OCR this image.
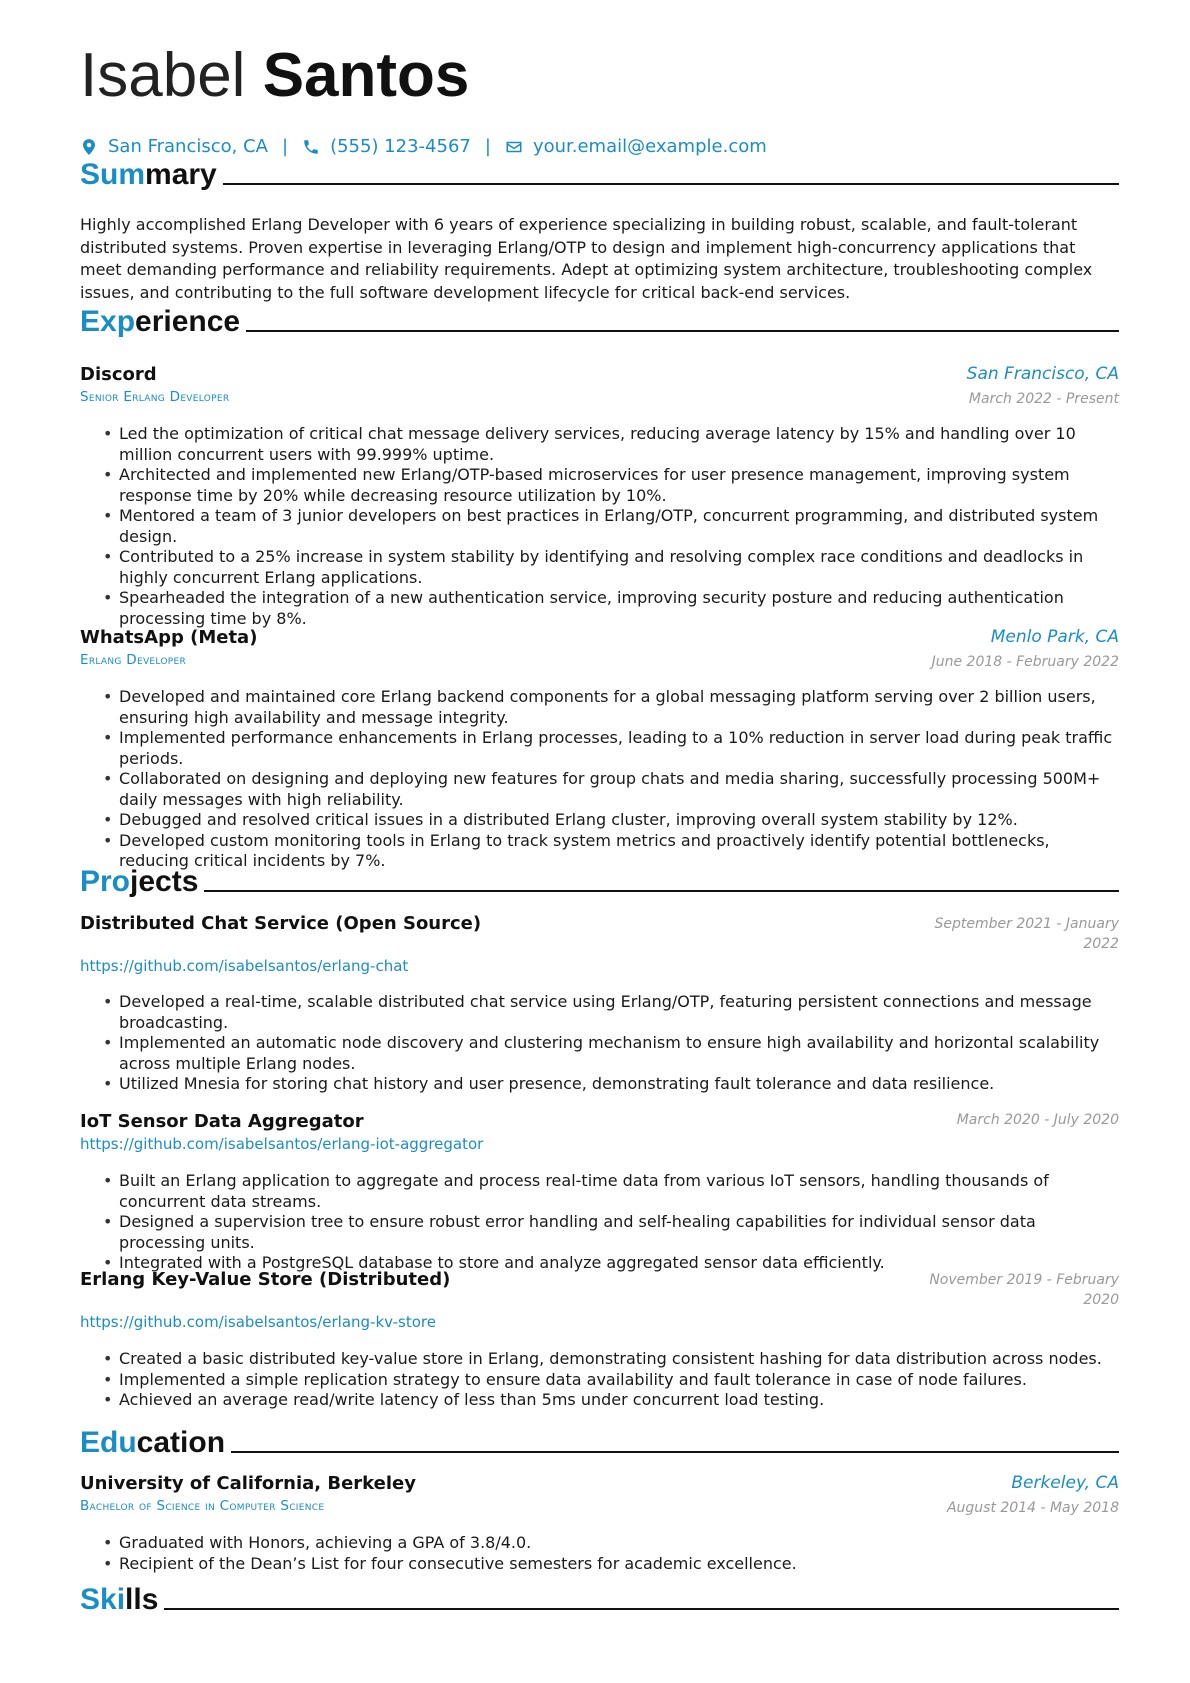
Isabel Santos
San Francisco, CA | (555) 123-4567 | your.email@example.com
Summary

Highly accomplished Erlang Developer with 6 years of experience specializing in building robust, scalable, and fault-tolerant distributed systems. Proven expertise in leveraging Erlang/OTP to design and implement high-concurrency applications that meet demanding performance and reliability requirements. Adept at optimizing system architecture, troubleshooting complex issues, and contributing to the full software development lifecycle for critical back-end services.

Experience
Discord	San Francisco, CA
Senior Erlang Developer	March 2022 - Present
• Led the optimization of critical chat message delivery services, reducing average latency by 15% and handling over 10 million concurrent users with 99.999% uptime.
• Architected and implemented new Erlang/OTP-based microservices for user presence management, improving system response time by 20% while decreasing resource utilization by 10%.
• Mentored a team of 3 junior developers on best practices in Erlang/OTP, concurrent programming, and distributed system design.
• Contributed to a 25% increase in system stability by identifying and resolving complex race conditions and deadlocks in highly concurrent Erlang applications.
• Spearheaded the integration of a new authentication service, improving security posture and reducing authentication processing time by 8%.
WhatsApp (Meta)	Menlo Park, CA
Erlang Developer	June 2018 - February 2022
• Developed and maintained core Erlang backend components for a global messaging platform serving over 2 billion users, ensuring high availability and message integrity.
• Implemented performance enhancements in Erlang processes, leading to a 10% reduction in server load during peak traffic periods.
• Collaborated on designing and deploying new features for group chats and media sharing, successfully processing 500M+ daily messages with high reliability.
• Debugged and resolved critical issues in a distributed Erlang cluster, improving overall system stability by 12%.
• Developed custom monitoring tools in Erlang to track system metrics and proactively identify potential bottlenecks, reducing critical incidents by 7%.
Projects
Distributed Chat Service (Open Source)	September 2021 - January
2022
https://github.com/isabelsantos/erlang-chat
• Developed a real-time, scalable distributed chat service using Erlang/OTP, featuring persistent connections and message broadcasting.
• Implemented an automatic node discovery and clustering mechanism to ensure high availability and horizontal scalability across multiple Erlang nodes.
• Utilized Mnesia for storing chat history and user presence, demonstrating fault tolerance and data resilience.
IoT Sensor Data Aggregator	March 2020 - July 2020
https://github.com/isabelsantos/erlang-iot-aggregator
• Built an Erlang application to aggregate and process real-time data from various IoT sensors, handling thousands of concurrent data streams.
• Designed a supervision tree to ensure robust error handling and self-healing capabilities for individual sensor data processing units.
• Integrated with a PostgreSQL database to store and analyze aggregated sensor data efficiently.
Erlang Key-Value Store (Distributed)	November 2019 - February
2020
https://github.com/isabelsantos/erlang-kv-store
• Created a basic distributed key-value store in Erlang, demonstrating consistent hashing for data distribution across nodes.
• Implemented a simple replication strategy to ensure data availability and fault tolerance in case of node failures.
• Achieved an average read/write latency of less than 5ms under concurrent load testing.
Education
University of California, Berkeley	Berkeley, CA
Bachelor of Science in Computer Science	August 2014 - May 2018
• Graduated with Honors, achieving a GPA of 3.8/4.0.
• Recipient of the Dean’s List for four consecutive semesters for academic excellence.
Skills
